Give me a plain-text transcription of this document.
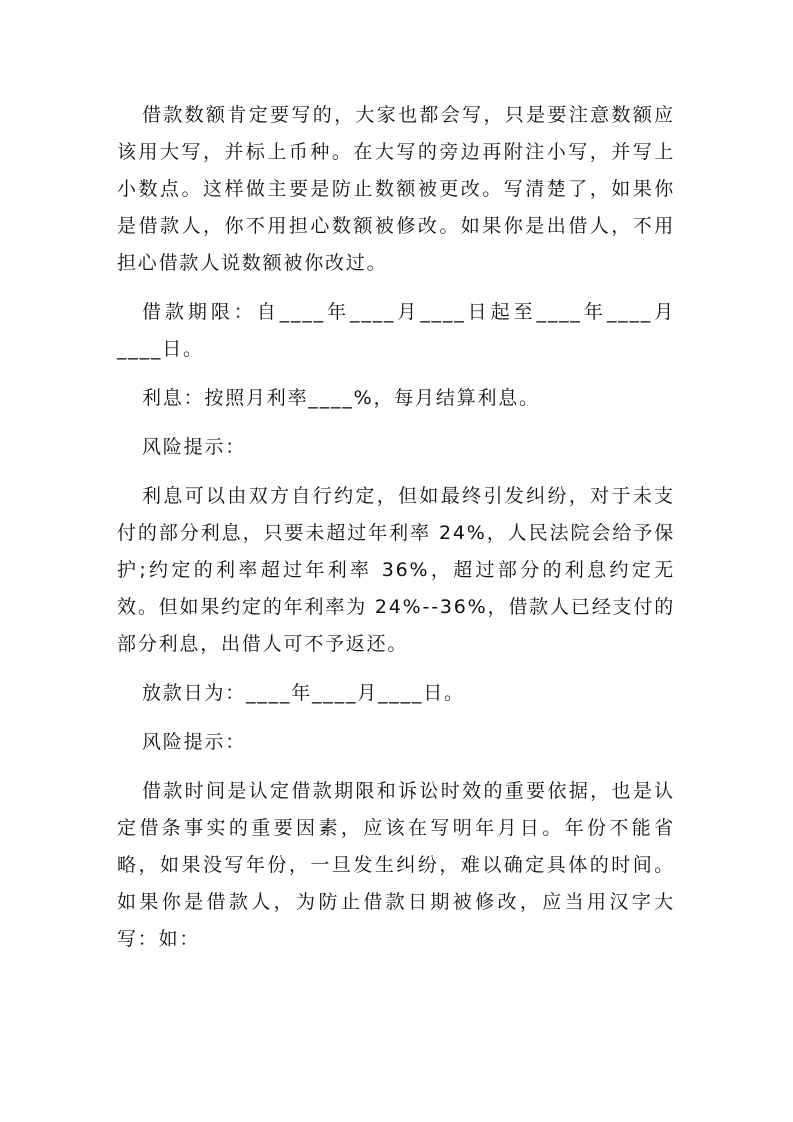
借款数额肯定要写的，大家也都会写，只是要注意数额应该用大写，并标上币种。在大写的旁边再附注小写，并写上小数点。这样做主要是防止数额被更改。写清楚了，如果你是借款人，你不用担心数额被修改。如果你是出借人，不用担心借款人说数额被你改过。

借款期限：自____年____月____日起至____年____月____日。

利息：按照月利率____%，每月结算利息。

风险提示：

利息可以由双方自行约定，但如最终引发纠纷，对于未支付的部分利息，只要未超过年利率 24%，人民法院会给予保护;约定的利率超过年利率 36%，超过部分的利息约定无效。但如果约定的年利率为 24%--36%，借款人已经支付的部分利息，出借人可不予返还。

放款日为：____年____月____日。

风险提示：

借款时间是认定借款期限和诉讼时效的重要依据，也是认定借条事实的重要因素，应该在写明年月日。年份不能省略，如果没写年份，一旦发生纠纷，难以确定具体的时间。如果你是借款人，为防止借款日期被修改，应当用汉字大写：如：
